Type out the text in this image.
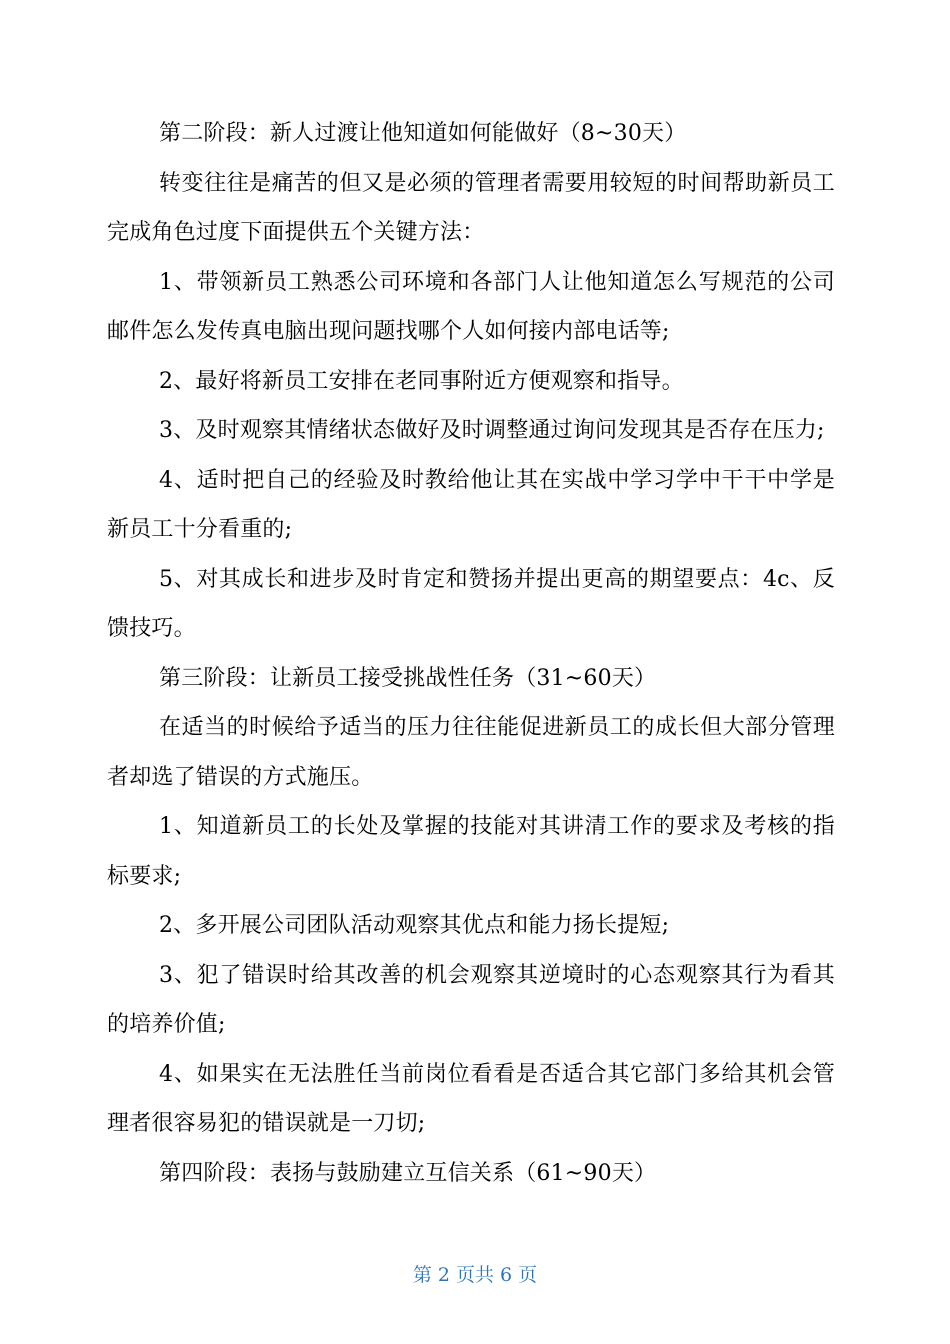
第二阶段：新人过渡让他知道如何能做好（8~30天）

转变往往是痛苦的但又是必须的管理者需要用较短的时间帮助新员工完成角色过度下面提供五个关键方法：

1、带领新员工熟悉公司环境和各部门人让他知道怎么写规范的公司邮件怎么发传真电脑出现问题找哪个人如何接内部电话等;

2、最好将新员工安排在老同事附近方便观察和指导。

3、及时观察其情绪状态做好及时调整通过询问发现其是否存在压力;

4、适时把自己的经验及时教给他让其在实战中学习学中干干中学是新员工十分看重的;

5、对其成长和进步及时肯定和赞扬并提出更高的期望要点：4c、反馈技巧。

第三阶段：让新员工接受挑战性任务（31~60天）

在适当的时候给予适当的压力往往能促进新员工的成长但大部分管理者却选了错误的方式施压。

1、知道新员工的长处及掌握的技能对其讲清工作的要求及考核的指标要求;

2、多开展公司团队活动观察其优点和能力扬长提短;

3、犯了错误时给其改善的机会观察其逆境时的心态观察其行为看其的培养价值;

4、如果实在无法胜任当前岗位看看是否适合其它部门多给其机会管理者很容易犯的错误就是一刀切;

第四阶段：表扬与鼓励建立互信关系（61~90天）

第 2 页共 6 页
